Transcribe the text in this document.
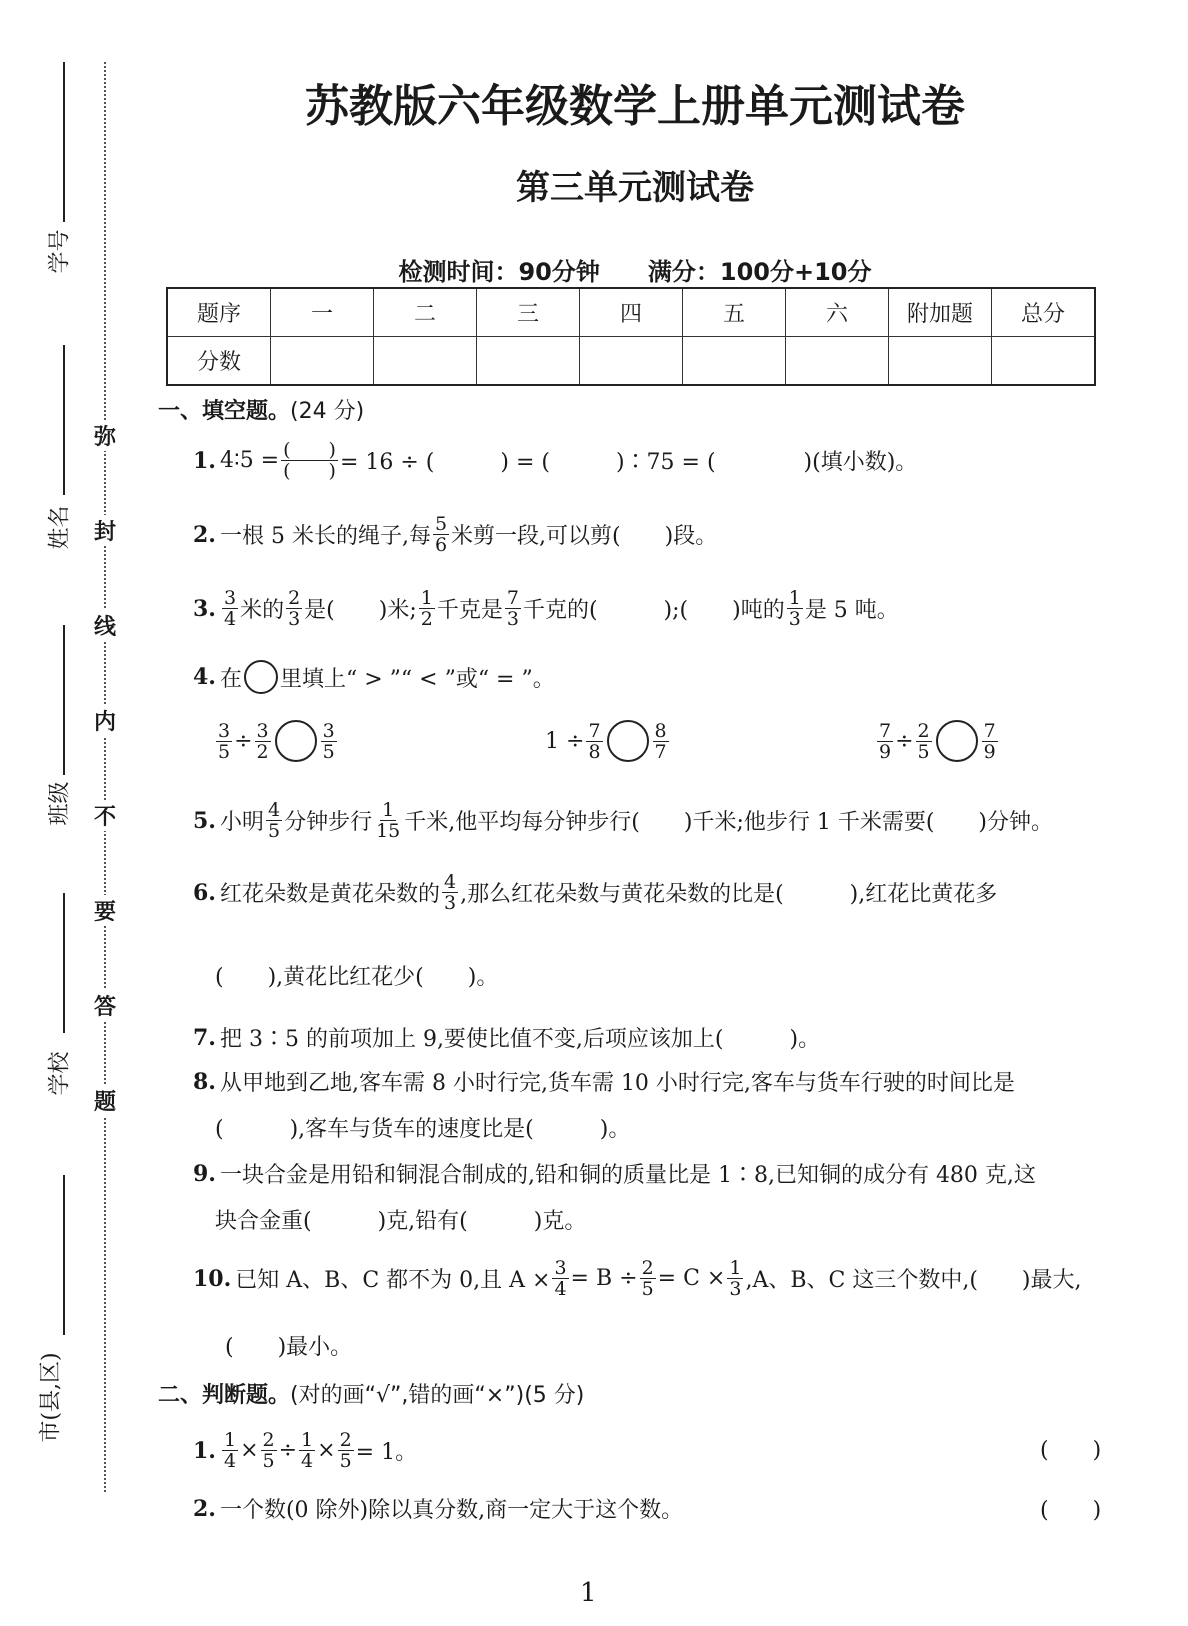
学号
姓名
班级
学校
市(县,区)
弥
封
线
内
不
要
答
题
苏教版六年级数学上册单元测试卷
第三单元测试卷
检测时间：90分钟　　满分：100分+10分
题序	一	二	三	四	五	六	附加题	总分
分数								
一、填空题。(24 分)
1. 4∶5 = $\frac{( )}{( )} = 16$ ÷ (　　　) = (　　　)∶75 = (　　　　)(填小数)。
2. 一根 5 米长的绳子,每 $\frac{5}{6}$ 米剪一段,可以剪(　　)段。
3. $\frac{3}{4}$ 米的 $\frac{2}{3}$ 是(　　)米; $\frac{1}{2}$ 千克是 $\frac{7}{3}$ 千克的(　　　);(　　)吨的 $\frac{1}{3}$ 是 5 吨。
4. 在 里填上“ > ”“ < ”或“ = ”。
$\frac{3}{5} \div \frac{3}{2}$	$\frac{3}{5}$	$1 \div \frac{7}{8}$	$\frac{8}{7}$	$\frac{7}{9} \div \frac{2}{5}$	$\frac{7}{9}$
5. 小明 $\frac{4}{5}$ 分钟步行 $\frac{1}{15}$ 千米,他平均每分钟步行(　　)千米;他步行 1 千米需要(　　)分钟。
6. 红花朵数是黄花朵数的 $\frac{4}{3}$ ,那么红花朵数与黄花朵数的比是(　　　),红花比黄花多
(　　),黄花比红花少(　　)。
7. 把 3∶5 的前项加上 9,要使比值不变,后项应该加上(　　　)。
8. 从甲地到乙地,客车需 8 小时行完,货车需 10 小时行完,客车与货车行驶的时间比是
(　　　),客车与货车的速度比是(　　　)。
9. 一块合金是用铅和铜混合制成的,铅和铜的质量比是 1∶8,已知铜的成分有 480 克,这
块合金重(　　　)克,铅有(　　　)克。
10. 已知 A、B、C 都不为 0,且 $A \times \frac{3}{4} = B \div \frac{2}{5} = C \times \frac{1}{3} ,A$、B、C 这三个数中,(　　)最大,
(　　)最小。
二、判断题。(对的画“√”,错的画“×”)(5 分)
1. $\frac{1}{4} \times \frac{2}{5} \div \frac{1}{4} \times \frac{2}{5} = 1$。	(　　)
2. 一个数(0 除外)除以真分数,商一定大于这个数。	(　　)
1
